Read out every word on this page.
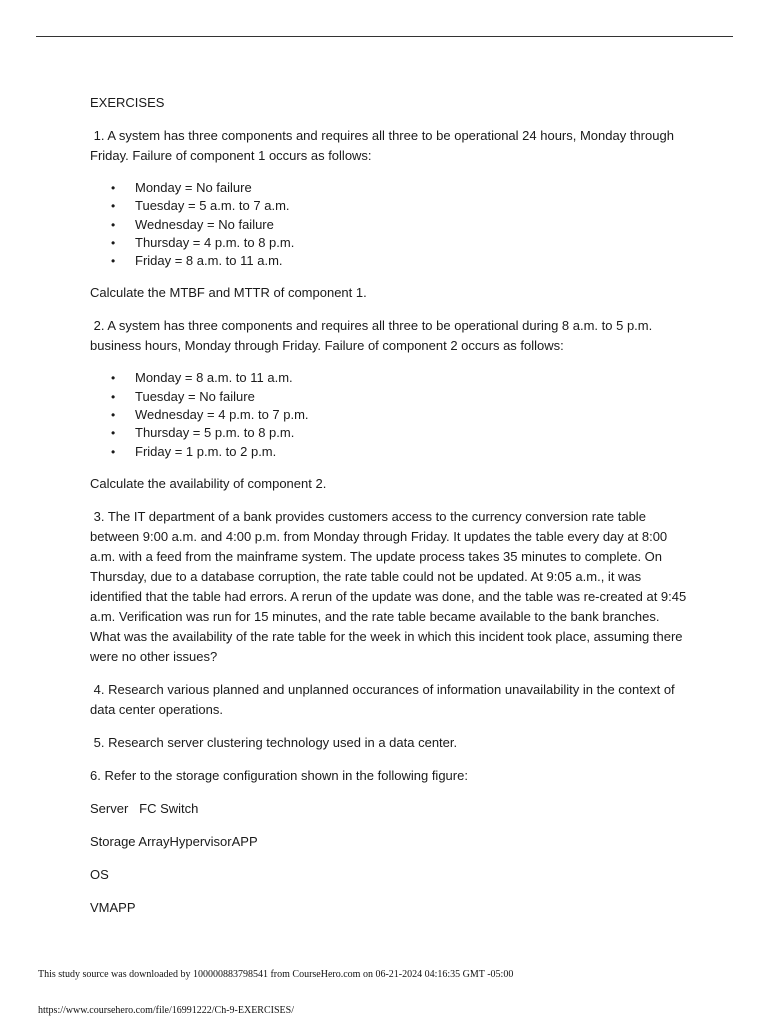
EXERCISES

1. A system has three components and requires all three to be operational 24 hours, Monday through Friday. Failure of component 1 occurs as follows:

• Monday = No failure
• Tuesday = 5 a.m. to 7 a.m.
• Wednesday = No failure
• Thursday = 4 p.m. to 8 p.m.
• Friday = 8 a.m. to 11 a.m.

Calculate the MTBF and MTTR of component 1.

2. A system has three components and requires all three to be operational during 8 a.m. to 5 p.m. business hours, Monday through Friday. Failure of component 2 occurs as follows:

• Monday = 8 a.m. to 11 a.m.
• Tuesday = No failure
• Wednesday = 4 p.m. to 7 p.m.
• Thursday = 5 p.m. to 8 p.m.
• Friday = 1 p.m. to 2 p.m.

Calculate the availability of component 2.

3. The IT department of a bank provides customers access to the currency conversion rate table between 9:00 a.m. and 4:00 p.m. from Monday through Friday. It updates the table every day at 8:00 a.m. with a feed from the mainframe system. The update process takes 35 minutes to complete. On Thursday, due to a database corruption, the rate table could not be updated. At 9:05 a.m., it was identified that the table had errors. A rerun of the update was done, and the table was re-created at 9:45 a.m. Verification was run for 15 minutes, and the rate table became available to the bank branches. What was the availability of the rate table for the week in which this incident took place, assuming there were no other issues?

4. Research various planned and unplanned occurances of information unavailability in the context of data center operations.

5. Research server clustering technology used in a data center.

6. Refer to the storage configuration shown in the following figure:

Server   FC Switch

Storage ArrayHypervisorAPP

OS

VMAPP

This study source was downloaded by 100000883798541 from CourseHero.com on 06-21-2024 04:16:35 GMT -05:00
https://www.coursehero.com/file/16991222/Ch-9-EXERCISES/
